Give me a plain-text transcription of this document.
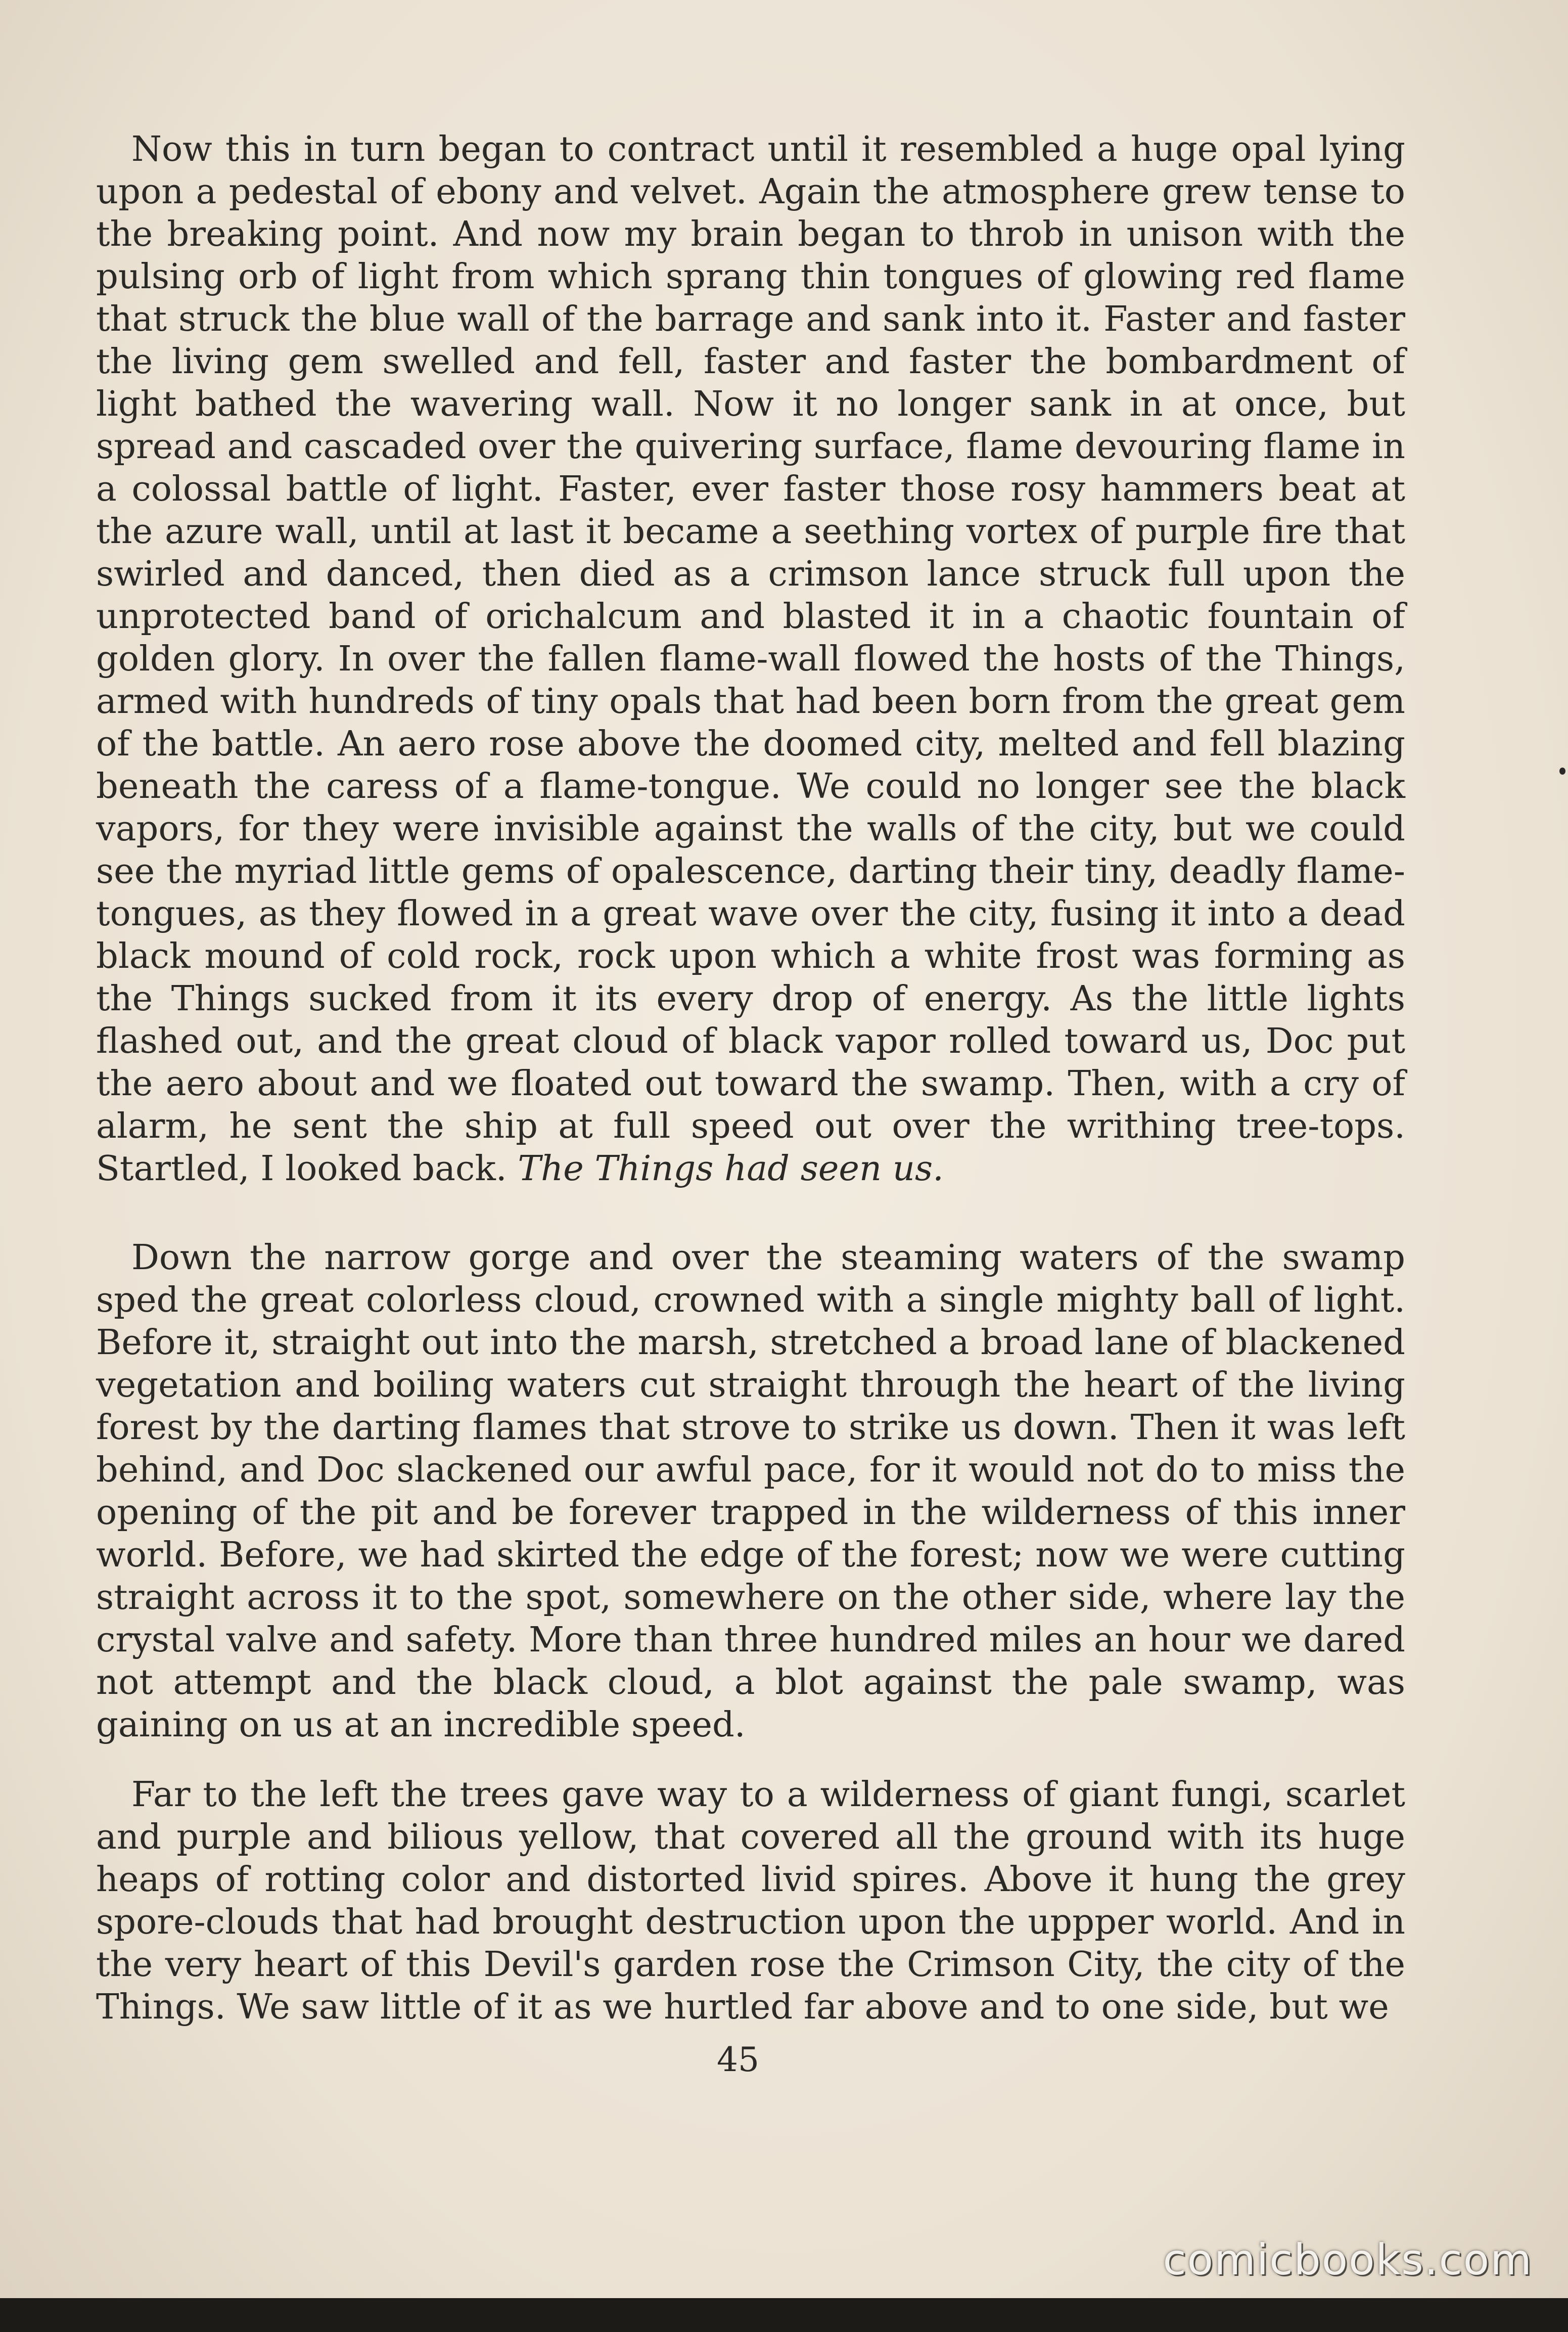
Now this in turn began to contract until it resembled a huge opal lying upon a pedestal of ebony and velvet. Again the atmosphere grew tense to the breaking point. And now my brain began to throb in unison with the pulsing orb of light from which sprang thin tongues of glowing red flame that struck the blue wall of the barrage and sank into it. Faster and faster the living gem swelled and fell, faster and faster the bombardment of light bathed the wavering wall. Now it no longer sank in at once, but spread and cascaded over the quivering surface, flame devouring flame in a colossal battle of light. Faster, ever faster those rosy hammers beat at the azure wall, until at last it became a seething vortex of purple fire that swirled and danced, then died as a crimson lance struck full upon the unprotected band of orichalcum and blasted it in a chaotic fountain of golden glory. In over the fallen flame-wall flowed the hosts of the Things, armed with hundreds of tiny opals that had been born from the great gem of the battle. An aero rose above the doomed city, melted and fell blazing beneath the caress of a flame-tongue. We could no longer see the black vapors, for they were invisible against the walls of the city, but we could see the myriad little gems of opalescence, darting their tiny, deadly flame-tongues, as they flowed in a great wave over the city, fusing it into a dead black mound of cold rock, rock upon which a white frost was forming as the Things sucked from it its every drop of energy. As the little lights flashed out, and the great cloud of black vapor rolled toward us, Doc put the aero about and we floated out toward the swamp. Then, with a cry of alarm, he sent the ship at full speed out over the writhing tree-tops. Startled, I looked back. The Things had seen us.

Down the narrow gorge and over the steaming waters of the swamp sped the great colorless cloud, crowned with a single mighty ball of light. Before it, straight out into the marsh, stretched a broad lane of blackened vegetation and boiling waters cut straight through the heart of the living forest by the darting flames that strove to strike us down. Then it was left behind, and Doc slackened our awful pace, for it would not do to miss the opening of the pit and be forever trapped in the wilderness of this inner world. Before, we had skirted the edge of the forest; now we were cutting straight across it to the spot, somewhere on the other side, where lay the crystal valve and safety. More than three hundred miles an hour we dared not attempt and the black cloud, a blot against the pale swamp, was gaining on us at an incredible speed.

Far to the left the trees gave way to a wilderness of giant fungi, scarlet and purple and bilious yellow, that covered all the ground with its huge heaps of rotting color and distorted livid spires. Above it hung the grey spore-clouds that had brought destruction upon the uppper world. And in the very heart of this Devil's garden rose the Crimson City, the city of the Things. We saw little of it as we hurtled far above and to one side, but we

45
comicbooks.com
